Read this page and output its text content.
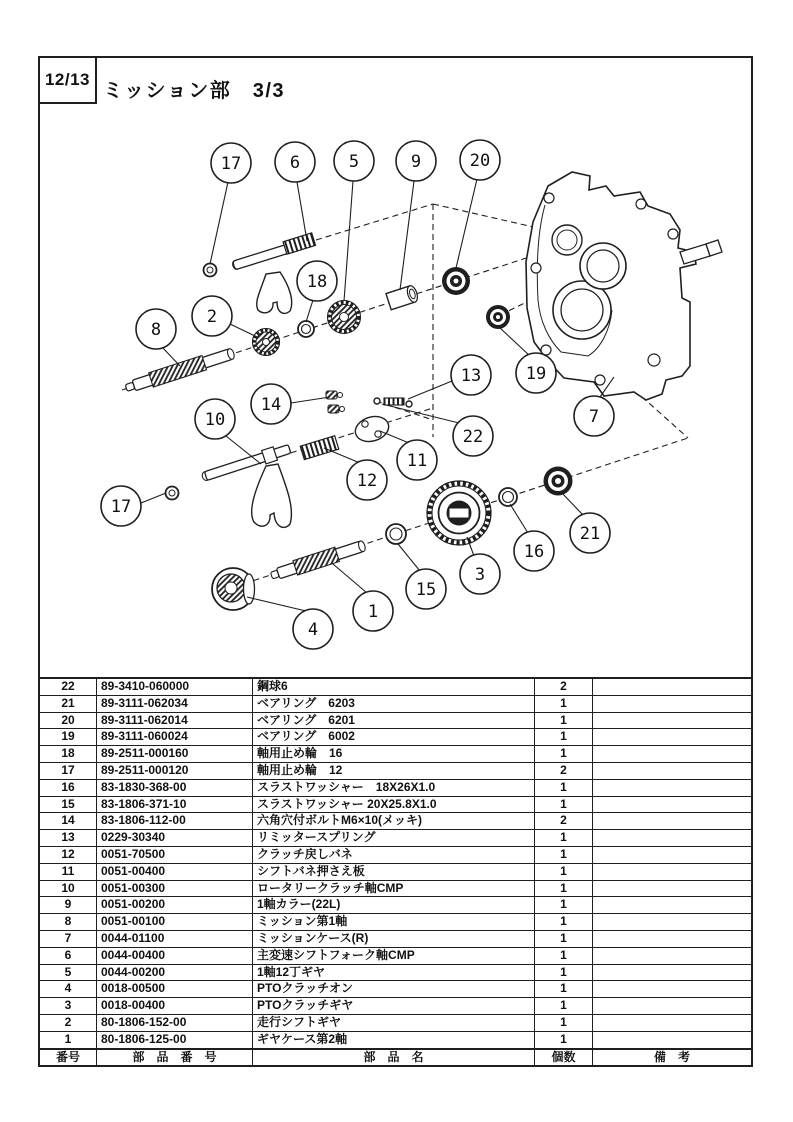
12/13
ミッション部　3/3
17	6	5	9	20
18
2
8
13	19
14
10	7
22
11
12
17
21
16
3
15
1
4
22	89-3410-060000	鋼球6	2
21	89-3111-062034	ベアリング　6203	1
20	89-3111-062014	ベアリング　6201	1
19	89-3111-060024	ベアリング　6002	1
18	89-2511-000160	軸用止め輪　16	1
17	89-2511-000120	軸用止め輪　12	2
16	83-1830-368-00	スラストワッシャー　18X26X1.0	1
15	83-1806-371-10	スラストワッシャー 20X25.8X1.0	1
14	83-1806-112-00	六角穴付ボルトM6×10(メッキ)	2
13	0229-30340	リミッタースプリング	1
12	0051-70500	クラッチ戻しバネ	1
11	0051-00400	シフトバネ押さえ板	1
10	0051-00300	ロータリークラッチ軸CMP	1
9	0051-00200	1軸カラー(22L)	1
8	0051-00100	ミッション第1軸	1
7	0044-01100	ミッションケース(R)	1
6	0044-00400	主変速シフトフォーク軸CMP	1
5	0044-00200	1軸12丁ギヤ	1
4	0018-00500	PTOクラッチオン	1
3	0018-00400	PTOクラッチギヤ	1
2	80-1806-152-00	走行シフトギヤ	1
1	80-1806-125-00	ギヤケース第2軸	1
番号	部　品　番　号	部　品　名	個数	備　考
